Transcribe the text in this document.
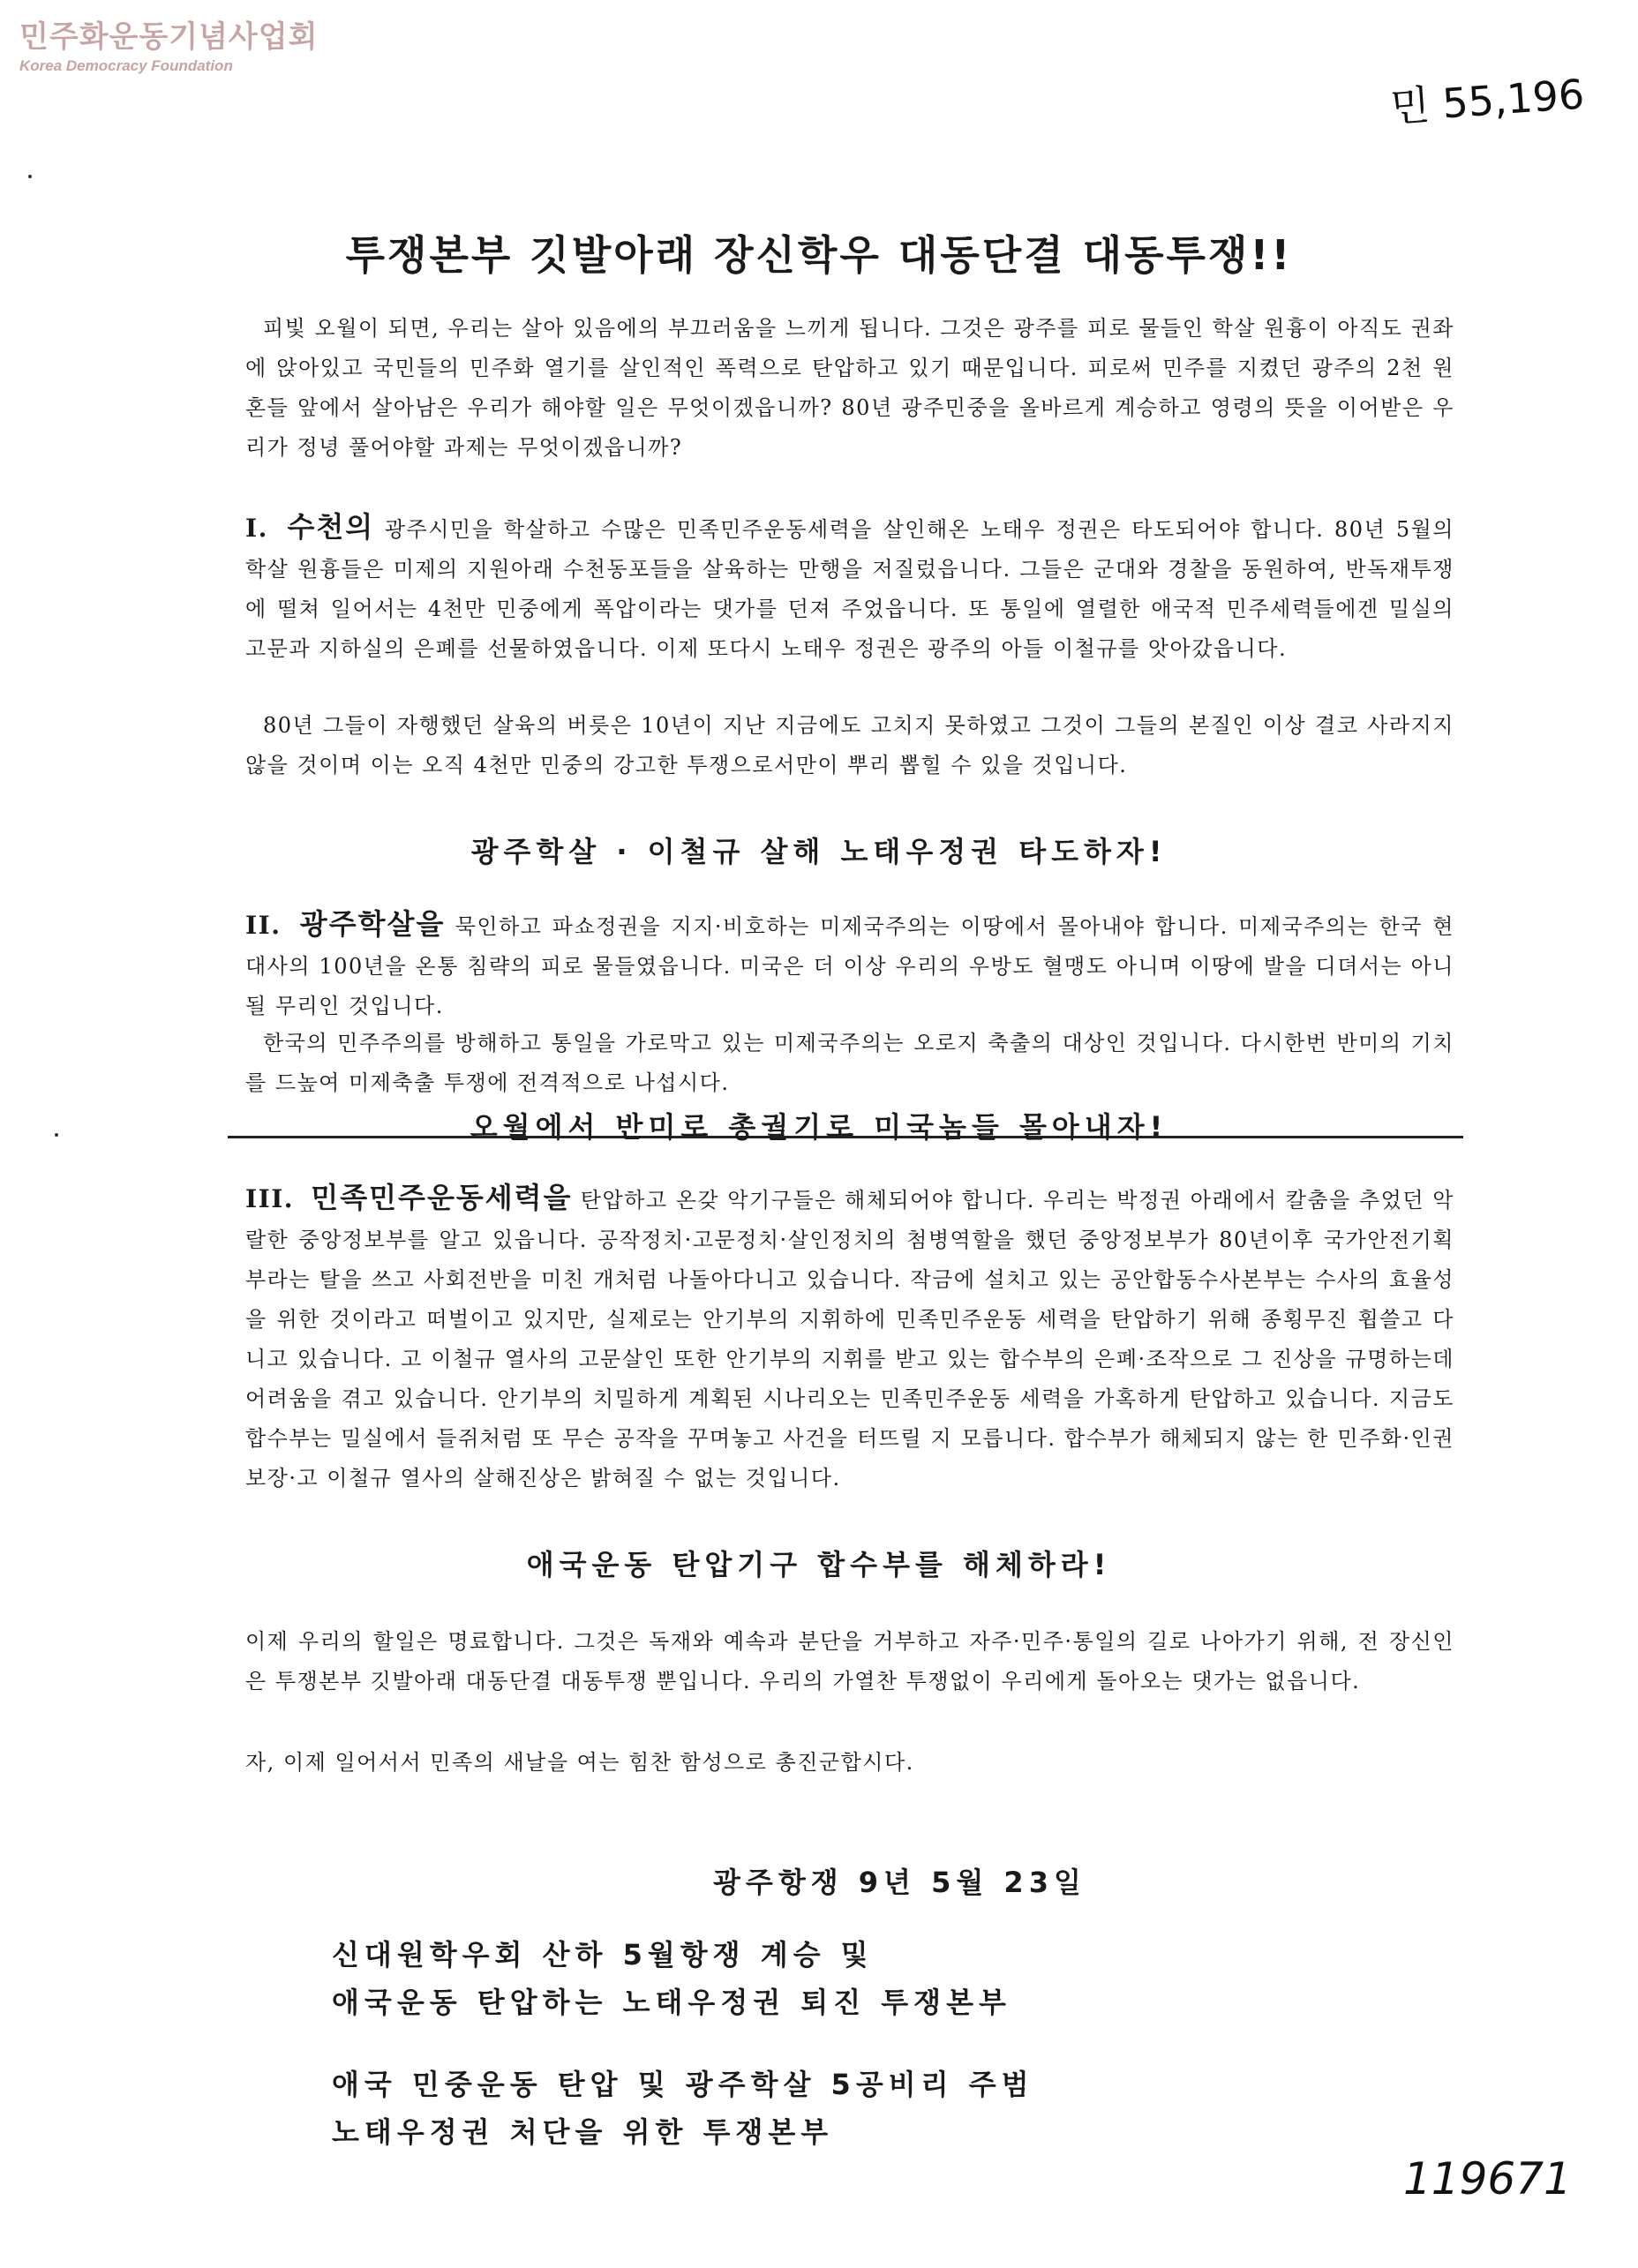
민주화운동기념사업회
Korea Democracy Foundation
민 55,196
투쟁본부 깃발아래 장신학우 대동단결 대동투쟁!!

피빛 오월이 되면, 우리는 살아 있음에의 부끄러움을 느끼게 됩니다. 그것은 광주를 피로 물들인 학살 원흉이 아직도 권좌에 앉아있고 국민들의 민주화 열기를 살인적인 폭력으로 탄압하고 있기 때문입니다. 피로써 민주를 지켰던 광주의 2천 원혼들 앞에서 살아남은 우리가 해야할 일은 무엇이겠읍니까? 80년 광주민중을 올바르게 계승하고 영령의 뜻을 이어받은 우리가 정녕 풀어야할 과제는 무엇이겠읍니까?

I. 수천의 광주시민을 학살하고 수많은 민족민주운동세력을 살인해온 노태우 정권은 타도되어야 합니다. 80년 5월의 학살 원흉들은 미제의 지원아래 수천동포들을 살육하는 만행을 저질렀읍니다. 그들은 군대와 경찰을 동원하여, 반독재투쟁에 떨쳐 일어서는 4천만 민중에게 폭압이라는 댓가를 던져 주었읍니다. 또 통일에 열렬한 애국적 민주세력들에겐 밀실의 고문과 지하실의 은폐를 선물하였읍니다. 이제 또다시 노태우 정권은 광주의 아들 이철규를 앗아갔읍니다.

80년 그들이 자행했던 살육의 버릇은 10년이 지난 지금에도 고치지 못하였고 그것이 그들의 본질인 이상 결코 사라지지 않을 것이며 이는 오직 4천만 민중의 강고한 투쟁으로서만이 뿌리 뽑힐 수 있을 것입니다.

광주학살 · 이철규 살해 노태우정권 타도하자!

II. 광주학살을 묵인하고 파쇼정권을 지지·비호하는 미제국주의는 이땅에서 몰아내야 합니다. 미제국주의는 한국 현대사의 100년을 온통 침략의 피로 물들였읍니다. 미국은 더 이상 우리의 우방도 혈맹도 아니며 이땅에 발을 디뎌서는 아니될 무리인 것입니다.

한국의 민주주의를 방해하고 통일을 가로막고 있는 미제국주의는 오로지 축출의 대상인 것입니다. 다시한번 반미의 기치를 드높여 미제축출 투쟁에 전격적으로 나섭시다.

오월에서 반미로 총궐기로 미국놈들 몰아내자!

III. 민족민주운동세력을 탄압하고 온갖 악기구들은 해체되어야 합니다. 우리는 박정권 아래에서 칼춤을 추었던 악랄한 중앙정보부를 알고 있읍니다. 공작정치·고문정치·살인정치의 첨병역할을 했던 중앙정보부가 80년이후 국가안전기획부라는 탈을 쓰고 사회전반을 미친 개처럼 나돌아다니고 있습니다. 작금에 설치고 있는 공안합동수사본부는 수사의 효율성을 위한 것이라고 떠벌이고 있지만, 실제로는 안기부의 지휘하에 민족민주운동 세력을 탄압하기 위해 종횡무진 휩쓸고 다니고 있습니다. 고 이철규 열사의 고문살인 또한 안기부의 지휘를 받고 있는 합수부의 은폐·조작으로 그 진상을 규명하는데 어려움을 겪고 있습니다. 안기부의 치밀하게 계획된 시나리오는 민족민주운동 세력을 가혹하게 탄압하고 있습니다. 지금도 합수부는 밀실에서 들쥐처럼 또 무슨 공작을 꾸며놓고 사건을 터뜨릴 지 모릅니다. 합수부가 해체되지 않는 한 민주화·인권보장·고 이철규 열사의 살해진상은 밝혀질 수 없는 것입니다.

애국운동 탄압기구 합수부를 해체하라!

이제 우리의 할일은 명료합니다. 그것은 독재와 예속과 분단을 거부하고 자주·민주·통일의 길로 나아가기 위해, 전 장신인은 투쟁본부 깃발아래 대동단결 대동투쟁 뿐입니다. 우리의 가열찬 투쟁없이 우리에게 돌아오는 댓가는 없읍니다.

자, 이제 일어서서 민족의 새날을 여는 힘찬 함성으로 총진군합시다.

광주항쟁 9년 5월 23일
신대원학우회 산하 5월항쟁 계승 및
애국운동 탄압하는 노태우정권 퇴진 투쟁본부
애국 민중운동 탄압 및 광주학살 5공비리 주범
노태우정권 처단을 위한 투쟁본부
119671
